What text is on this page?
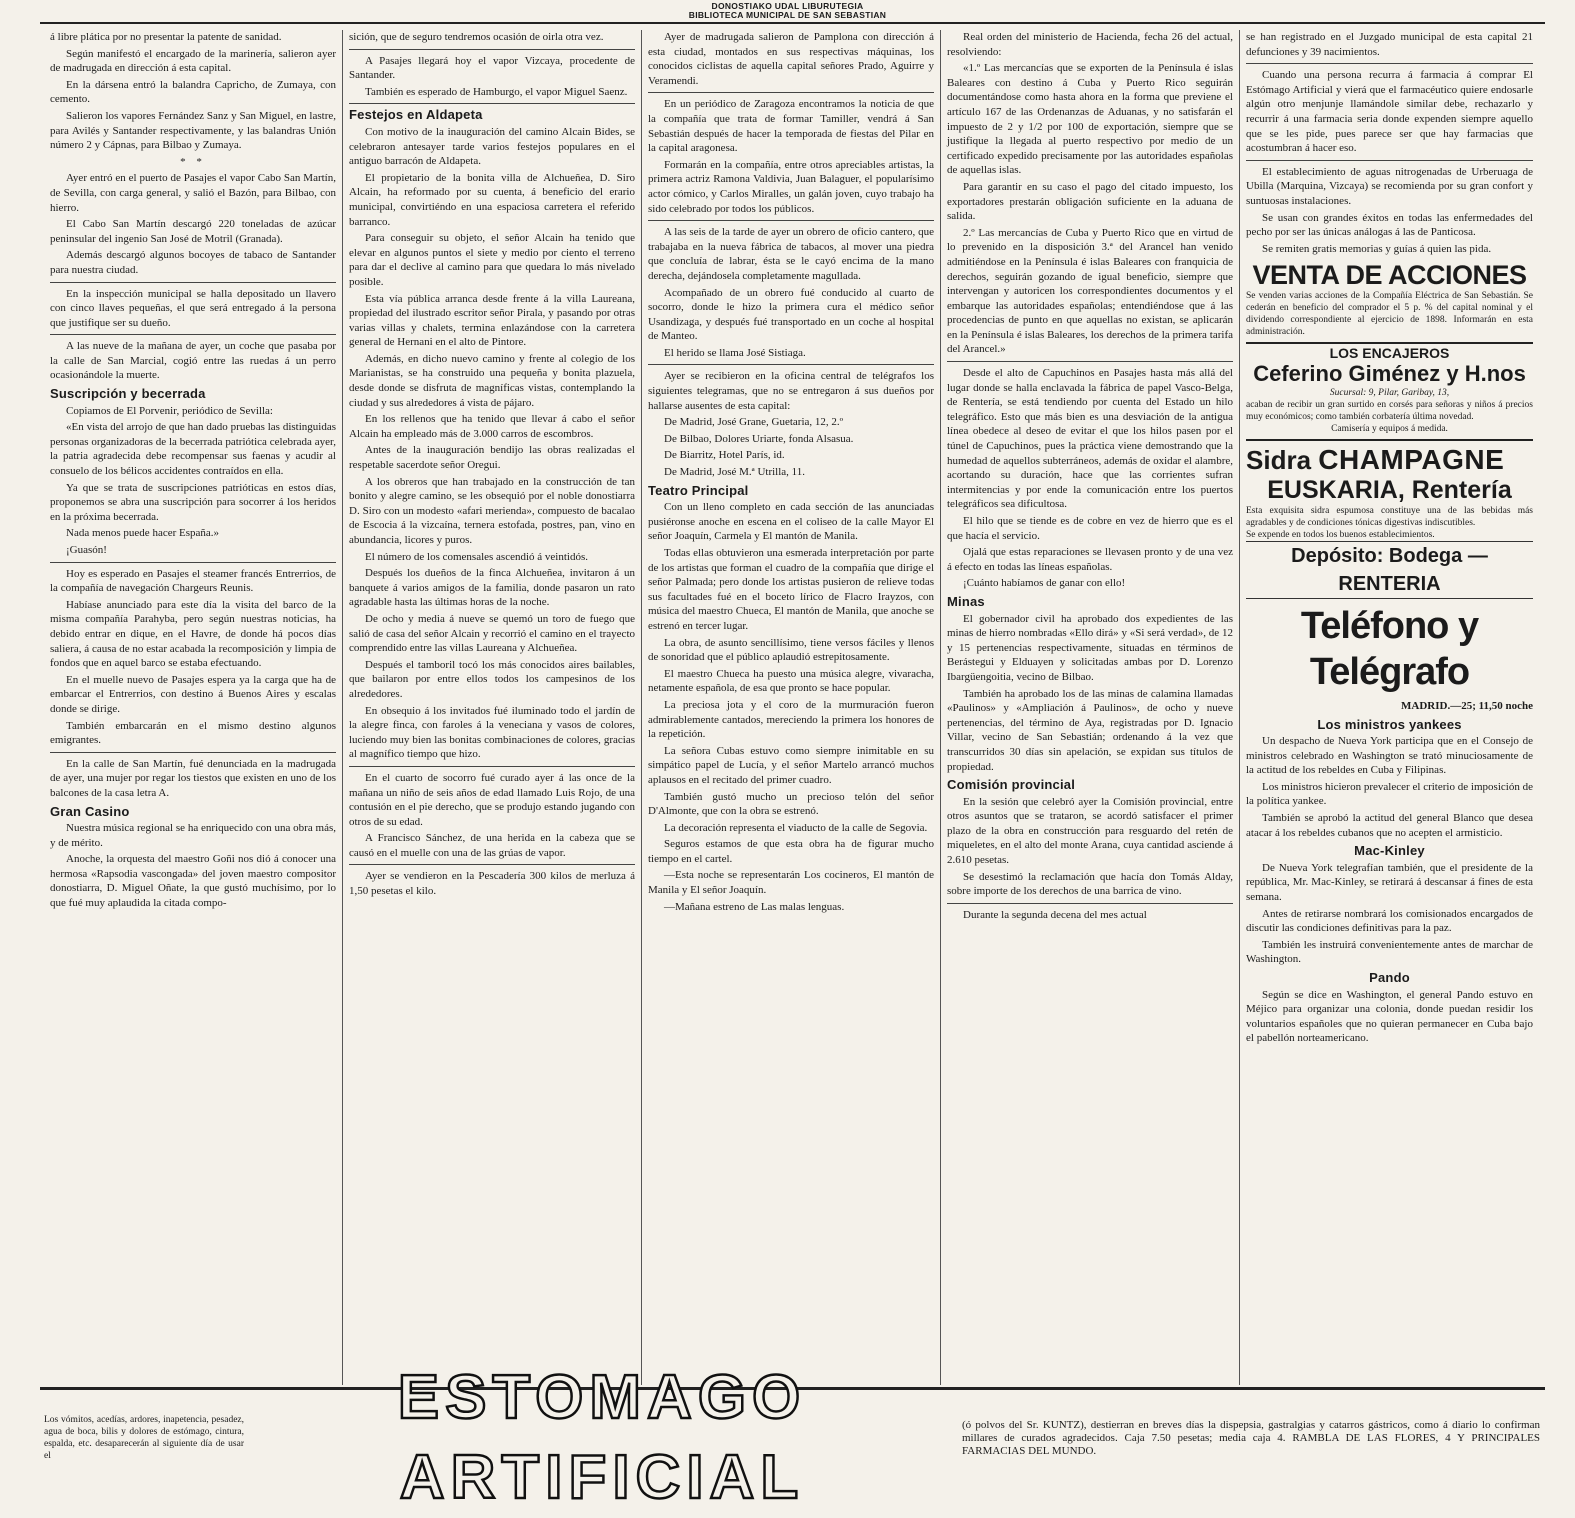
DONOSTIAKO UDAL LIBURUTEGIA
BIBLIOTECA MUNICIPAL DE SAN SEBASTIAN

á libre plática por no presentar la patente de sanidad.

Según manifestó el encargado de la marinería, salieron ayer de madrugada en dirección á esta capital.

En la dársena entró la balandra Capricho, de Zumaya, con cemento.

Salieron los vapores Fernández Sanz y San Miguel, en lastre, para Avilés y Santander respectivamente, y las balandras Unión número 2 y Cápnas, para Bilbao y Zumaya.

* *

Ayer entró en el puerto de Pasajes el vapor Cabo San Martín, de Sevilla, con carga general, y salió el Bazón, para Bilbao, con hierro.

El Cabo San Martín descargó 220 toneladas de azúcar peninsular del ingenio San José de Motril (Granada).

Además descargó algunos bocoyes de tabaco de Santander para nuestra ciudad.

En la inspección municipal se halla depositado un llavero con cinco llaves pequeñas, el que será entregado á la persona que justifique ser su dueño.

A las nueve de la mañana de ayer, un coche que pasaba por la calle de San Marcial, cogió entre las ruedas á un perro ocasionándole la muerte.

Suscripción y becerrada

Copiamos de El Porvenir, periódico de Sevilla:

«En vista del arrojo de que han dado pruebas las distinguidas personas organizadoras de la becerrada patriótica celebrada ayer, la patria agradecida debe recompensar sus faenas y acudir al consuelo de los bélicos accidentes contraídos en ella.

Ya que se trata de suscripciones patrióticas en estos días, proponemos se abra una suscripción para socorrer á los heridos en la próxima becerrada.

Nada menos puede hacer España.»

¡Guasón!

Hoy es esperado en Pasajes el steamer francés Entrerrios, de la compañía de navegación Chargeurs Reunis.

Habíase anunciado para este día la visita del barco de la misma compañía Parahyba, pero según nuestras noticias, ha debido entrar en dique, en el Havre, de donde há pocos días saliera, á causa de no estar acabada la recomposición y limpia de fondos que en aquel barco se estaba efectuando.

En el muelle nuevo de Pasajes espera ya la carga que ha de embarcar el Entrerrios, con destino á Buenos Aires y escalas donde se dirige.

También embarcarán en el mismo destino algunos emigrantes.

En la calle de San Martín, fué denunciada en la madrugada de ayer, una mujer por regar los tiestos que existen en uno de los balcones de la casa letra A.

Gran Casino

Nuestra música regional se ha enriquecido con una obra más, y de mérito.

Anoche, la orquesta del maestro Goñi nos dió á conocer una hermosa «Rapsodia vascongada» del joven maestro compositor donostiarra, D. Miguel Oñate, la que gustó muchísimo, por lo que fué muy aplaudida la citada compo-

sición, que de seguro tendremos ocasión de oirla otra vez.

A Pasajes llegará hoy el vapor Vizcaya, procedente de Santander.

También es esperado de Hamburgo, el vapor Miguel Saenz.

Festejos en Aldapeta

Con motivo de la inauguración del camino Alcain Bides, se celebraron antesayer tarde varios festejos populares en el antiguo barracón de Aldapeta.

El propietario de la bonita villa de Alchueñea, D. Siro Alcain, ha reformado por su cuenta, á beneficio del erario municipal, convirtiéndo en una espaciosa carretera el referido barranco.

Para conseguir su objeto, el señor Alcain ha tenido que elevar en algunos puntos el siete y medio por ciento el terreno para dar el declive al camino para que quedara lo más nivelado posible.

Esta vía pública arranca desde frente á la villa Laureana, propiedad del ilustrado escritor señor Pirala, y pasando por otras varias villas y chalets, termina enlazándose con la carretera general de Hernani en el alto de Pintore.

Además, en dicho nuevo camino y frente al colegio de los Marianistas, se ha construido una pequeña y bonita plazuela, desde donde se disfruta de magníficas vistas, contemplando la ciudad y sus alrededores á vista de pájaro.

En los rellenos que ha tenido que llevar á cabo el señor Alcain ha empleado más de 3.000 carros de escombros.

Antes de la inauguración bendijo las obras realizadas el respetable sacerdote señor Oregui.

A los obreros que han trabajado en la construcción de tan bonito y alegre camino, se les obsequió por el noble donostiarra D. Siro con un modesto «afari merienda», compuesto de bacalao de Escocia á la vizcaína, ternera estofada, postres, pan, vino en abundancia, licores y puros.

El número de los comensales ascendió á veintidós.

Después los dueños de la finca Alchueñea, invitaron á un banquete á varios amigos de la familia, donde pasaron un rato agradable hasta las últimas horas de la noche.

De ocho y media á nueve se quemó un toro de fuego que salió de casa del señor Alcain y recorrió el camino en el trayecto comprendido entre las villas Laureana y Alchueñea.

Después el tamboril tocó los más conocidos aires bailables, que bailaron por entre ellos todos los campesinos de los alrededores.

En obsequio á los invitados fué iluminado todo el jardín de la alegre finca, con faroles á la veneciana y vasos de colores, luciendo muy bien las bonitas combinaciones de colores, gracias al magnífico tiempo que hizo.

En el cuarto de socorro fué curado ayer á las once de la mañana un niño de seis años de edad llamado Luis Rojo, de una contusión en el pie derecho, que se produjo estando jugando con otros de su edad.

A Francisco Sánchez, de una herida en la cabeza que se causó en el muelle con una de las grúas de vapor.

Ayer se vendieron en la Pescadería 300 kilos de merluza á 1,50 pesetas el kilo.

Ayer de madrugada salieron de Pamplona con dirección á esta ciudad, montados en sus respectivas máquinas, los conocidos ciclistas de aquella capital señores Prado, Aguirre y Veramendi.

En un periódico de Zaragoza encontramos la noticia de que la compañía que trata de formar Tamiller, vendrá á San Sebastián después de hacer la temporada de fiestas del Pilar en la capital aragonesa.

Formarán en la compañía, entre otros apreciables artistas, la primera actriz Ramona Valdivia, Juan Balaguer, el popularísimo actor cómico, y Carlos Miralles, un galán joven, cuyo trabajo ha sido celebrado por todos los públicos.

A las seis de la tarde de ayer un obrero de oficio cantero, que trabajaba en la nueva fábrica de tabacos, al mover una piedra que concluía de labrar, ésta se le cayó encima de la mano derecha, dejándosela completamente magullada.

Acompañado de un obrero fué conducido al cuarto de socorro, donde le hizo la primera cura el médico señor Usandizaga, y después fué transportado en un coche al hospital de Manteo.

El herido se llama José Sistiaga.

Ayer se recibieron en la oficina central de telégrafos los siguientes telegramas, que no se entregaron á sus dueños por hallarse ausentes de esta capital:

De Madrid, José Grane, Guetaria, 12, 2.º

De Bilbao, Dolores Uriarte, fonda Alsasua.

De Biarritz, Hotel París, id.

De Madrid, José M.ª Utrilla, 11.

Teatro Principal

Con un lleno completo en cada sección de las anunciadas pusiéronse anoche en escena en el coliseo de la calle Mayor El señor Joaquín, Carmela y El mantón de Manila.

Todas ellas obtuvieron una esmerada interpretación por parte de los artistas que forman el cuadro de la compañía que dirige el señor Palmada; pero donde los artistas pusieron de relieve todas sus facultades fué en el boceto lírico de Flacro Irayzos, con música del maestro Chueca, El mantón de Manila, que anoche se estrenó en tercer lugar.

La obra, de asunto sencillísimo, tiene versos fáciles y llenos de sonoridad que el público aplaudió estrepitosamente.

El maestro Chueca ha puesto una música alegre, vivaracha, netamente española, de esa que pronto se hace popular.

La preciosa jota y el coro de la murmuración fueron admirablemente cantados, mereciendo la primera los honores de la repetición.

La señora Cubas estuvo como siempre inimitable en su simpático papel de Lucía, y el señor Martelo arrancó muchos aplausos en el recitado del primer cuadro.

También gustó mucho un precioso telón del señor D'Almonte, que con la obra se estrenó.

La decoración representa el viaducto de la calle de Segovia.

Seguros estamos de que esta obra ha de figurar mucho tiempo en el cartel.

—Esta noche se representarán Los cocineros, El mantón de Manila y El señor Joaquín.

—Mañana estreno de Las malas lenguas.

Real orden del ministerio de Hacienda, fecha 26 del actual, resolviendo:

«1.º Las mercancías que se exporten de la Península é islas Baleares con destino á Cuba y Puerto Rico seguirán documentándose como hasta ahora en la forma que previene el artículo 167 de las Ordenanzas de Aduanas, y no satisfarán el impuesto de 2 y 1/2 por 100 de exportación, siempre que se justifique la llegada al puerto respectivo por medio de un certificado expedido precisamente por las autoridades españolas de aquellas islas.

Para garantir en su caso el pago del citado impuesto, los exportadores prestarán obligación suficiente en la aduana de salida.

2.º Las mercancías de Cuba y Puerto Rico que en virtud de lo prevenido en la disposición 3.ª del Arancel han venido admitiéndose en la Península é islas Baleares con franquicia de derechos, seguirán gozando de igual beneficio, siempre que intervengan y autoricen los correspondientes documentos y el embarque las autoridades españolas; entendiéndose que á las procedencias de punto en que aquellas no existan, se aplicarán en la Península é islas Baleares, los derechos de la primera tarifa del Arancel.»

Desde el alto de Capuchinos en Pasajes hasta más allá del lugar donde se halla enclavada la fábrica de papel Vasco-Belga, de Rentería, se está tendiendo por cuenta del Estado un hilo telegráfico. Esto que más bien es una desviación de la antigua línea obedece al deseo de evitar el que los hilos pasen por el túnel de Capuchinos, pues la práctica viene demostrando que la humedad de aquellos subterráneos, además de oxidar el alambre, acortando su duración, hace que las corrientes sufran intermitencias y por ende la comunicación entre los puertos telegráficos sea dificultosa.

El hilo que se tiende es de cobre en vez de hierro que es el que hacía el servicio.

Ojalá que estas reparaciones se llevasen pronto y de una vez á efecto en todas las líneas españolas.

¡Cuánto habíamos de ganar con ello!

Minas

El gobernador civil ha aprobado dos expedientes de las minas de hierro nombradas «Ello dirá» y «Si será verdad», de 12 y 15 pertenencias respectivamente, situadas en términos de Berástegui y Elduayen y solicitadas ambas por D. Lorenzo Ibargüengoitia, vecino de Bilbao.

También ha aprobado los de las minas de calamina llamadas «Paulinos» y «Ampliación á Paulinos», de ocho y nueve pertenencias, del término de Aya, registradas por D. Ignacio Villar, vecino de San Sebastián; ordenando á la vez que transcurridos 30 días sin apelación, se expidan sus títulos de propiedad.

Comisión provincial

En la sesión que celebró ayer la Comisión provincial, entre otros asuntos que se trataron, se acordó satisfacer el primer plazo de la obra en construcción para resguardo del retén de miqueletes, en el alto del monte Arana, cuya cantidad asciende á 2.610 pesetas.

Se desestimó la reclamación que hacía don Tomás Alday, sobre importe de los derechos de una barrica de vino.

Durante la segunda decena del mes actual

se han registrado en el Juzgado municipal de esta capital 21 defunciones y 39 nacimientos.

Cuando una persona recurra á farmacia á comprar El Estómago Artificial y vierá que el farmacéutico quiere endosarle algún otro menjunje llamándole similar debe, rechazarlo y recurrir á una farmacia seria donde expenden siempre aquello que se les pide, pues parece ser que hay farmacias que acostumbran á hacer eso.

El establecimiento de aguas nitrogenadas de Urberuaga de Ubilla (Marquina, Vizcaya) se recomienda por su gran confort y suntuosas instalaciones.

Se usan con grandes éxitos en todas las enfermedades del pecho por ser las únicas análogas á las de Panticosa.

Se remiten gratis memorias y guías á quien las pida.

VENTA DE ACCIONES
Se venden varias acciones de la Compañía Eléctrica de San Sebastián. Se cederán en beneficio del comprador el 5 p. % del capital nominal y el dividendo correspondiente al ejercicio de 1898. Informarán en esta administración.
LOS ENCAJEROS
Ceferino Giménez y H.nos
Sucursal: 9, Pilar, Garibay, 13,
acaban de recibir un gran surtido en corsés para señoras y niños á precios muy económicos; como también corbatería última novedad.
Camisería y equipos á medida.
Sidra CHAMPAGNE
EUSKARIA, Rentería
Esta exquisita sidra espumosa constituye una de las bebidas más agradables y de condiciones tónicas digestivas indiscutibles.
Se expende en todos los buenos establecimientos.
Depósito: Bodega — RENTERIA
Teléfono y Telégrafo
MADRID.—25; 11,50 noche
Los ministros yankees

Un despacho de Nueva York participa que en el Consejo de ministros celebrado en Washington se trató minuciosamente de la actitud de los rebeldes en Cuba y Filipinas.

Los ministros hicieron prevalecer el criterio de imposición de la política yankee.

También se aprobó la actitud del general Blanco que desea atacar á los rebeldes cubanos que no acepten el armisticio.

Mac-Kinley

De Nueva York telegrafían también, que el presidente de la república, Mr. Mac-Kinley, se retirará á descansar á fines de esta semana.

Antes de retirarse nombrará los comisionados encargados de discutir las condiciones definitivas para la paz.

También les instruirá convenientemente antes de marchar de Washington.

Pando

Según se dice en Washington, el general Pando estuvo en Méjico para organizar una colonia, donde puedan residir los voluntarios españoles que no quieran permanecer en Cuba bajo el pabellón norteamericano.

Los vómitos, acedías, ardores, inapetencia, pesadez, agua de boca, bilis y dolores de estómago, cintura, espalda, etc. desaparecerán al siguiente día de usar el
ESTOMAGO ARTIFICIAL
(ó polvos del Sr. KUNTZ), destierran en breves días la dispepsia, gastralgias y catarros gástricos, como á diario lo confirman millares de curados agradecidos. Caja 7.50 pesetas; media caja 4. RAMBLA DE LAS FLORES, 4 Y PRINCIPALES FARMACIAS DEL MUNDO.
